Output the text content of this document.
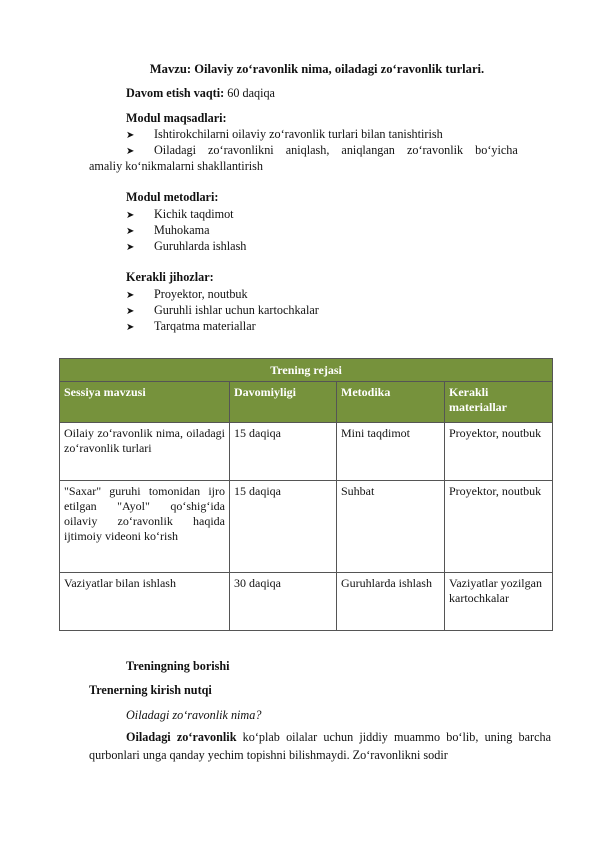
Mavzu: Oilaviy zo‘ravonlik nima, oiladagi zo‘ravonlik turlari.
Davom etish vaqti: 60 daqiqa
Modul maqsadlari:
➤ Ishtirokchilarni oilaviy zo‘ravonlik turlari bilan tanishtirish
➤ Oiladagi zo‘ravonlikni aniqlash, aniqlangan zo‘ravonlik bo‘yicha
amaliy ko‘nikmalarni shakllantirish
Modul metodlari:
➤ Kichik taqdimot
➤ Muhokama
➤ Guruhlarda ishlash
Kerakli jihozlar:
➤ Proyektor, noutbuk
➤ Guruhli ishlar uchun kartochkalar
➤ Tarqatma materiallar
Trening rejasi			
Sessiya mavzusi	Davomiyligi	Metodika	Kerakli materiallar
Oilaiy zo‘ravonlik nima, oiladagi zo‘ravonlik turlari	15 daqiqa	Mini taqdimot	Proyektor, noutbuk
"Saxar" guruhi tomonidan ijro etilgan "Ayol" qo‘shig‘ida oilaviy zo‘ravonlik haqida ijtimoiy videoni ko‘rish	15 daqiqa	Suhbat	Proyektor, noutbuk
Vaziyatlar bilan ishlash	30 daqiqa	Guruhlarda ishlash	Vaziyatlar yozilgan kartochkalar
Treningning borishi
Trenerning kirish nutqi
Oiladagi zo‘ravonlik nima?
Oiladagi zo‘ravonlik ko‘plab oilalar uchun jiddiy muammo bo‘lib, uning barcha qurbonlari unga qanday yechim topishni bilishmaydi. Zo‘ravonlikni sodir
